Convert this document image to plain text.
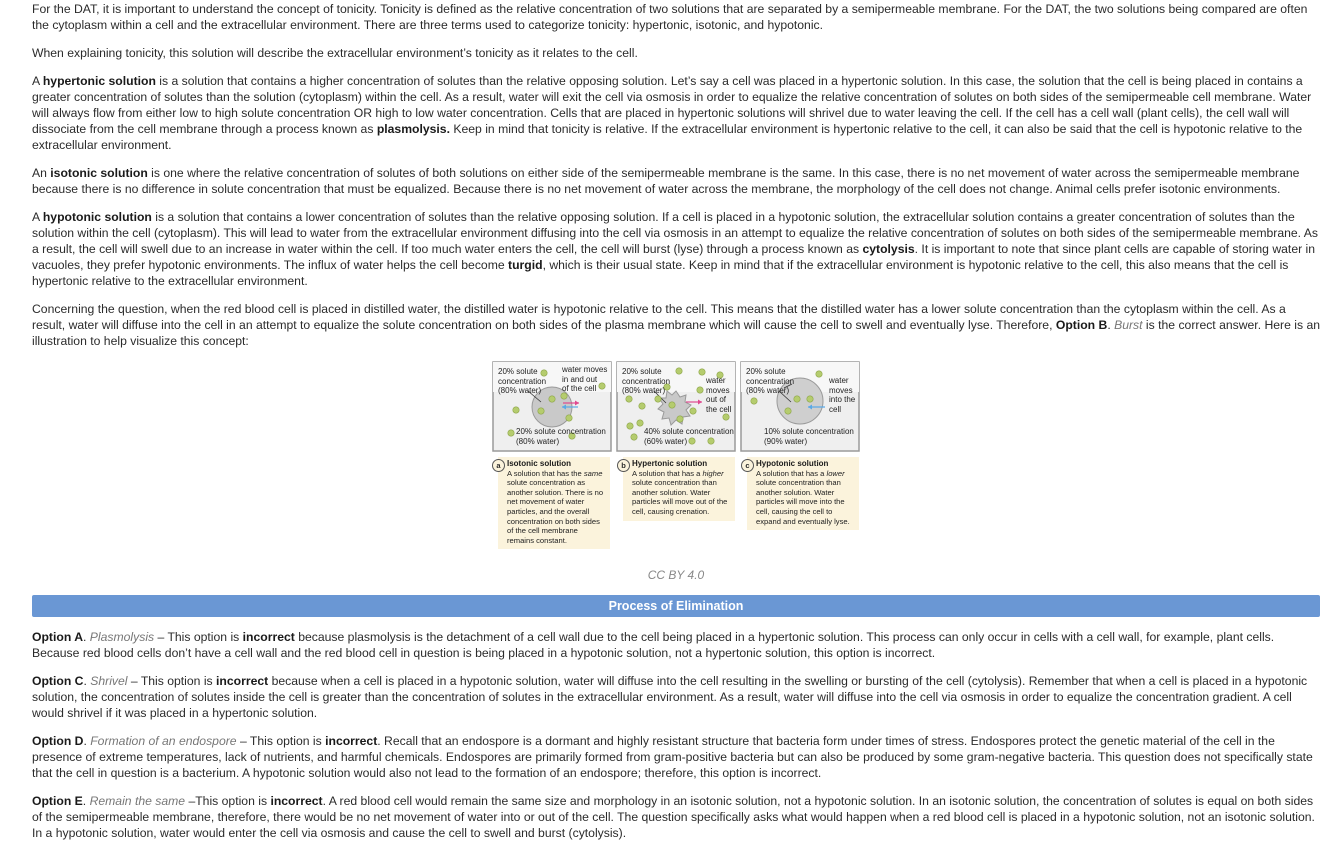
For the DAT, it is important to understand the concept of tonicity. Tonicity is defined as the relative concentration of two solutions that are separated by a semipermeable membrane. For the DAT, the two solutions being compared are often the cytoplasm within a cell and the extracellular environment. There are three terms used to categorize tonicity: hypertonic, isotonic, and hypotonic.

When explaining tonicity, this solution will describe the extracellular environment’s tonicity as it relates to the cell.

A hypertonic solution is a solution that contains a higher concentration of solutes than the relative opposing solution. Let’s say a cell was placed in a hypertonic solution. In this case, the solution that the cell is being placed in contains a greater concentration of solutes than the solution (cytoplasm) within the cell. As a result, water will exit the cell via osmosis in order to equalize the relative concentration of solutes on both sides of the semipermeable cell membrane. Water will always flow from either low to high solute concentration OR high to low water concentration. Cells that are placed in hypertonic solutions will shrivel due to water leaving the cell. If the cell has a cell wall (plant cells), the cell wall will dissociate from the cell membrane through a process known as plasmolysis. Keep in mind that tonicity is relative. If the extracellular environment is hypertonic relative to the cell, it can also be said that the cell is hypotonic relative to the extracellular environment.

An isotonic solution is one where the relative concentration of solutes of both solutions on either side of the semipermeable membrane is the same. In this case, there is no net movement of water across the semipermeable membrane because there is no difference in solute concentration that must be equalized. Because there is no net movement of water across the membrane, the morphology of the cell does not change. Animal cells prefer isotonic environments.

A hypotonic solution is a solution that contains a lower concentration of solutes than the relative opposing solution. If a cell is placed in a hypotonic solution, the extracellular solution contains a greater concentration of solutes than the solution within the cell (cytoplasm). This will lead to water from the extracellular environment diffusing into the cell via osmosis in an attempt to equalize the relative concentration of solutes on both sides of the semipermeable membrane. As a result, the cell will swell due to an increase in water within the cell. If too much water enters the cell, the cell will burst (lyse) through a process known as cytolysis. It is important to note that since plant cells are capable of storing water in vacuoles, they prefer hypotonic environments. The influx of water helps the cell become turgid, which is their usual state. Keep in mind that if the extracellular environment is hypotonic relative to the cell, this also means that the cell is hypertonic relative to the extracellular environment.

Concerning the question, when the red blood cell is placed in distilled water, the distilled water is hypotonic relative to the cell. This means that the distilled water has a lower solute concentration than the cytoplasm within the cell. As a result, water will diffuse into the cell in an attempt to equalize the solute concentration on both sides of the plasma membrane which will cause the cell to swell and eventually lyse. Therefore, Option B. Burst is the correct answer. Here is an illustration to help visualize this concept:

20% solute
concentration
(80% water)
water moves
in and out
of the cell
20% solute concentration
(80% water)
20% solute
concentration
(80% water)
water
moves
out of
the cell
40% solute concentration
(60% water)
20% solute
concentration
(80% water)
water
moves
into the
cell
10% solute concentration
(90% water)
Isotonic solution
A solution that has the same solute concentration as another solution. There is no net movement of water particles, and the overall concentration on both sides of the cell membrane remains constant.
a	Hypertonic solution
A solution that has a higher solute concentration than another solution. Water particles will move out of the cell, causing crenation.
b	Hypotonic solution
A solution that has a lower solute concentration than another solution. Water particles will move into the cell, causing the cell to expand and eventually lyse.
c
CC BY 4.0
Process of Elimination

Option A. Plasmolysis – This option is incorrect because plasmolysis is the detachment of a cell wall due to the cell being placed in a hypertonic solution. This process can only occur in cells with a cell wall, for example, plant cells. Because red blood cells don’t have a cell wall and the red blood cell in question is being placed in a hypotonic solution, not a hypertonic solution, this option is incorrect.

Option C. Shrivel – This option is incorrect because when a cell is placed in a hypotonic solution, water will diffuse into the cell resulting in the swelling or bursting of the cell (cytolysis). Remember that when a cell is placed in a hypotonic solution, the concentration of solutes inside the cell is greater than the concentration of solutes in the extracellular environment. As a result, water will diffuse into the cell via osmosis in order to equalize the concentration gradient. A cell would shrivel if it was placed in a hypertonic solution.

Option D. Formation of an endospore – This option is incorrect. Recall that an endospore is a dormant and highly resistant structure that bacteria form under times of stress. Endospores protect the genetic material of the cell in the presence of extreme temperatures, lack of nutrients, and harmful chemicals. Endospores are primarily formed from gram-positive bacteria but can also be produced by some gram-negative bacteria. This question does not specifically state that the cell in question is a bacterium. A hypotonic solution would also not lead to the formation of an endospore; therefore, this option is incorrect.

Option E. Remain the same –This option is incorrect. A red blood cell would remain the same size and morphology in an isotonic solution, not a hypotonic solution. In an isotonic solution, the concentration of solutes is equal on both sides of the semipermeable membrane, therefore, there would be no net movement of water into or out of the cell. The question specifically asks what would happen when a red blood cell is placed in a hypotonic solution, not an isotonic solution. In a hypotonic solution, water would enter the cell via osmosis and cause the cell to swell and burst (cytolysis).
